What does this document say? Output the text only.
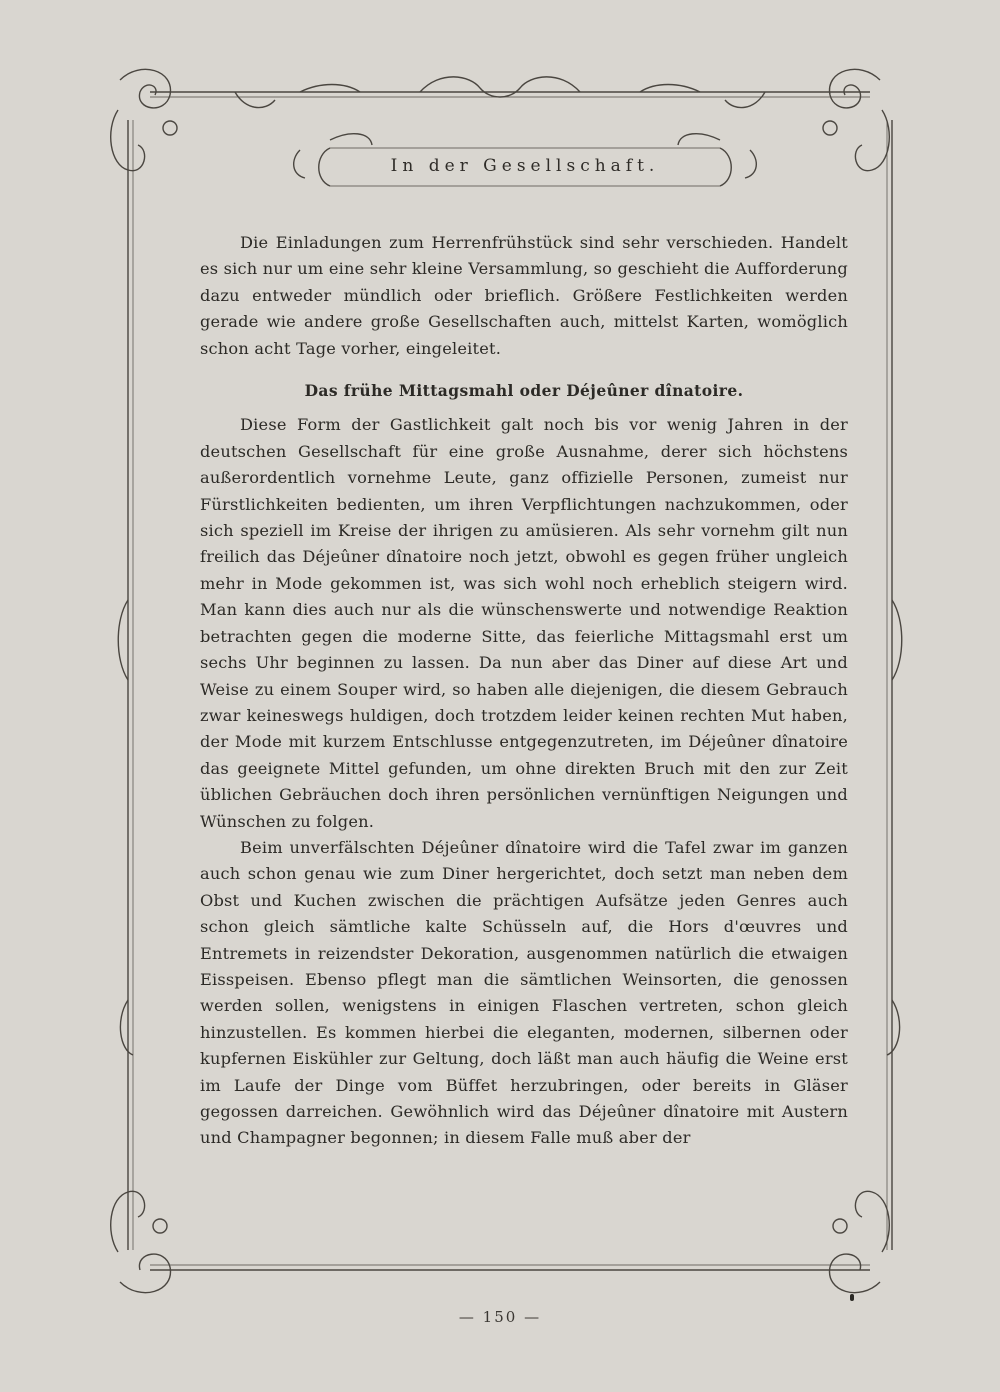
In der Gesellschaft.

Die Einladungen zum Herrenfrühstück sind sehr verschieden. Handelt es sich nur um eine sehr kleine Versammlung, so geschieht die Aufforderung dazu entweder mündlich oder brieflich. Größere Festlichkeiten werden gerade wie andere große Gesellschaften auch, mittelst Karten, womöglich schon acht Tage vorher, eingeleitet.

Das frühe Mittagsmahl oder Déjeûner dînatoire.

Diese Form der Gastlichkeit galt noch bis vor wenig Jahren in der deutschen Gesellschaft für eine große Ausnahme, derer sich höchstens außerordentlich vornehme Leute, ganz offizielle Personen, zumeist nur Fürstlichkeiten bedienten, um ihren Verpflichtungen nachzukommen, oder sich speziell im Kreise der ihrigen zu amüsieren. Als sehr vornehm gilt nun freilich das Déjeûner dînatoire noch jetzt, obwohl es gegen früher ungleich mehr in Mode gekommen ist, was sich wohl noch erheblich steigern wird. Man kann dies auch nur als die wünschenswerte und notwendige Reaktion betrachten gegen die moderne Sitte, das feierliche Mittagsmahl erst um sechs Uhr beginnen zu lassen. Da nun aber das Diner auf diese Art und Weise zu einem Souper wird, so haben alle diejenigen, die diesem Gebrauch zwar keineswegs huldigen, doch trotzdem leider keinen rechten Mut haben, der Mode mit kurzem Entschlusse entgegenzutreten, im Déjeûner dînatoire das geeignete Mittel gefunden, um ohne direkten Bruch mit den zur Zeit üblichen Gebräuchen doch ihren persönlichen vernünftigen Neigungen und Wünschen zu folgen.

Beim unverfälschten Déjeûner dînatoire wird die Tafel zwar im ganzen auch schon genau wie zum Diner hergerichtet, doch setzt man neben dem Obst und Kuchen zwischen die prächtigen Aufsätze jeden Genres auch schon gleich sämtliche kalte Schüsseln auf, die Hors d'œuvres und Entremets in reizendster Dekoration, ausgenommen natürlich die etwaigen Eisspeisen. Ebenso pflegt man die sämtlichen Weinsorten, die genossen werden sollen, wenigstens in einigen Flaschen vertreten, schon gleich hinzustellen. Es kommen hierbei die eleganten, modernen, silbernen oder kupfernen Eiskühler zur Geltung, doch läßt man auch häufig die Weine erst im Laufe der Dinge vom Büffet herzubringen, oder bereits in Gläser gegossen darreichen. Gewöhnlich wird das Déjeûner dînatoire mit Austern und Champagner begonnen; in diesem Falle muß aber der

— 150 —
